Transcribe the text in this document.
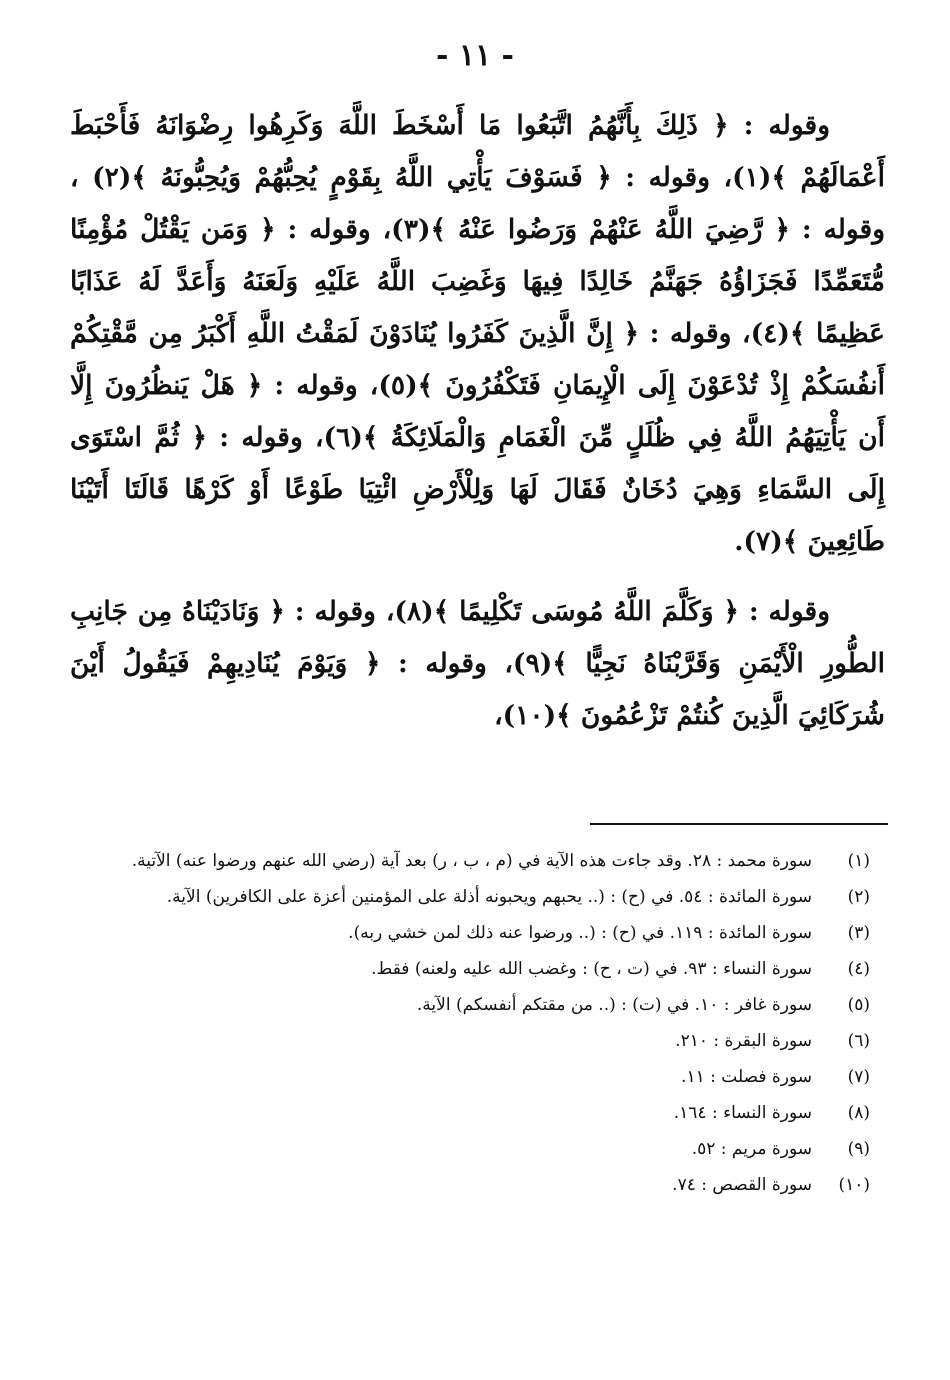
- ١١ -

وقوله : ﴿ ذَلِكَ بِأَنَّهُمُ اتَّبَعُوا مَا أَسْخَطَ اللَّهَ وَكَرِهُوا رِضْوَانَهُ فَأَحْبَطَ أَعْمَالَهُمْ ﴾(١)، وقوله : ﴿ فَسَوْفَ يَأْتِي اللَّهُ بِقَوْمٍ يُحِبُّهُمْ وَيُحِبُّونَهُ ﴾(٢) ، وقوله : ﴿ رَّضِيَ اللَّهُ عَنْهُمْ وَرَضُوا عَنْهُ ﴾(٣)، وقوله : ﴿ وَمَن يَقْتُلْ مُؤْمِنًا مُّتَعَمِّدًا فَجَزَاؤُهُ جَهَنَّمُ خَالِدًا فِيهَا وَغَضِبَ اللَّهُ عَلَيْهِ وَلَعَنَهُ وَأَعَدَّ لَهُ عَذَابًا عَظِيمًا ﴾(٤)، وقوله : ﴿ إِنَّ الَّذِينَ كَفَرُوا يُنَادَوْنَ لَمَقْتُ اللَّهِ أَكْبَرُ مِن مَّقْتِكُمْ أَنفُسَكُمْ إِذْ تُدْعَوْنَ إِلَى الْإِيمَانِ فَتَكْفُرُونَ ﴾(٥)، وقوله : ﴿ هَلْ يَنظُرُونَ إِلَّا أَن يَأْتِيَهُمُ اللَّهُ فِي ظُلَلٍ مِّنَ الْغَمَامِ وَالْمَلَائِكَةُ ﴾(٦)، وقوله : ﴿ ثُمَّ اسْتَوَى إِلَى السَّمَاءِ وَهِيَ دُخَانٌ فَقَالَ لَهَا وَلِلْأَرْضِ ائْتِيَا طَوْعًا أَوْ كَرْهًا قَالَتَا أَتَيْنَا طَائِعِينَ ﴾(٧).

وقوله : ﴿ وَكَلَّمَ اللَّهُ مُوسَى تَكْلِيمًا ﴾(٨)، وقوله : ﴿ وَنَادَيْنَاهُ مِن جَانِبِ الطُّورِ الْأَيْمَنِ وَقَرَّبْنَاهُ نَجِيًّا ﴾(٩)، وقوله : ﴿ وَيَوْمَ يُنَادِيهِمْ فَيَقُولُ أَيْنَ شُرَكَائِيَ الَّذِينَ كُنتُمْ تَزْعُمُونَ ﴾(١٠)،

(١)
سورة محمد : ٢٨. وقد جاءت هذه الآية في (م ، ب ، ر) بعد آية (رضي الله عنهم ورضوا عنه) الآتية.
(٢)
سورة المائدة : ٥٤. في (ح) : (.. يحبهم ويحبونه أذلة على المؤمنين أعزة على الكافرين) الآية.
(٣)
سورة المائدة : ١١٩. في (ح) : (.. ورضوا عنه ذلك لمن خشي ربه).
(٤)
سورة النساء : ٩٣. في (ت ، ح) : وغضب الله عليه ولعنه) فقط.
(٥)
سورة غافر : ١٠. في (ت) : (.. من مقتكم أنفسكم) الآية.
(٦)
سورة البقرة : ٢١٠.
(٧)
سورة فصلت : ١١.
(٨)
سورة النساء : ١٦٤.
(٩)
سورة مريم : ٥٢.
(١٠)
سورة القصص : ٧٤.
